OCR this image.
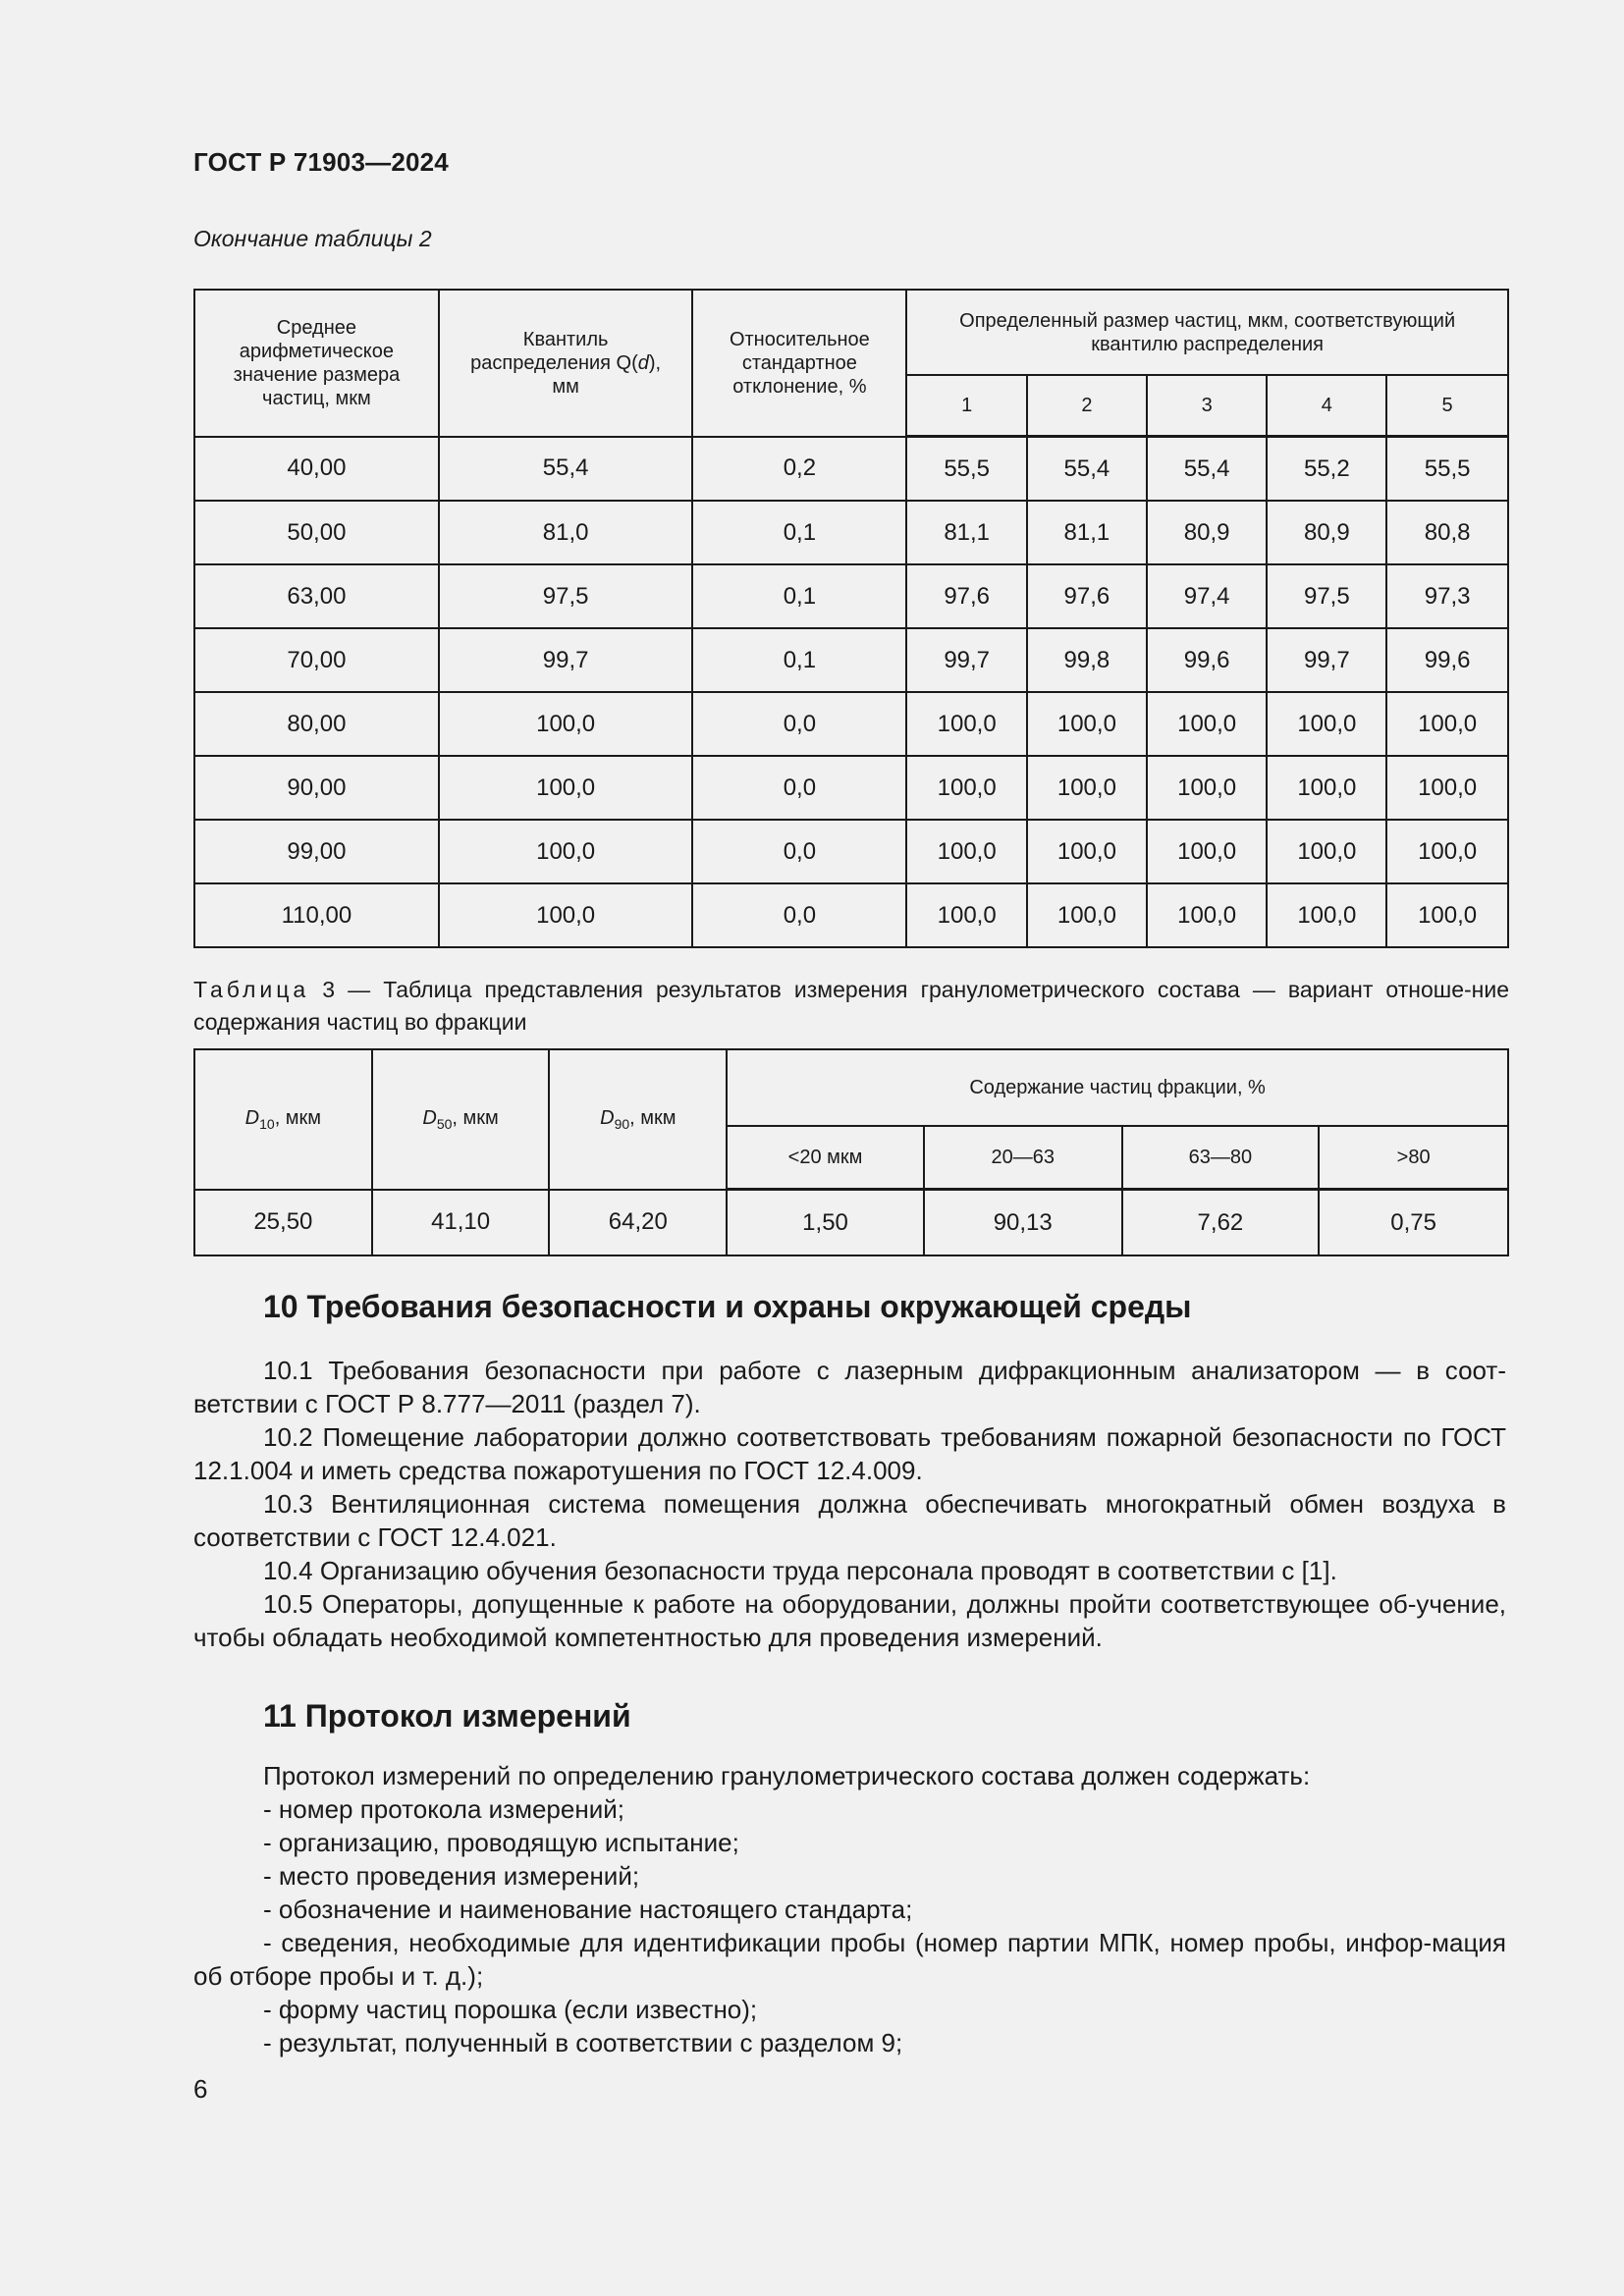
ГОСТ Р 71903—2024
Окончание таблицы 2
Среднее арифметическое значение размера частиц, мкм	Квантиль распределения Q(d), мм	Относительное стандартное отклонение, %	Определенный размер частиц, мкм, соответствующий квантилю распределения				

			1	2	3	4	5
40,00	55,4	0,2	55,5	55,4	55,4	55,2	55,5
50,00	81,0	0,1	81,1	81,1	80,9	80,9	80,8
63,00	97,5	0,1	97,6	97,6	97,4	97,5	97,3
70,00	99,7	0,1	99,7	99,8	99,6	99,7	99,6
80,00	100,0	0,0	100,0	100,0	100,0	100,0	100,0
90,00	100,0	0,0	100,0	100,0	100,0	100,0	100,0
99,00	100,0	0,0	100,0	100,0	100,0	100,0	100,0
110,00	100,0	0,0	100,0	100,0	100,0	100,0	100,0
Таблица 3 — Таблица представления результатов измерения гранулометрического состава — вариант отноше-ние содержания частиц во фракции
$D_{10}$, мкм	$D_{50}$, мкм	$D_{90}$, мкм	Содержание частиц фракции, %			
			<20 мкм	20—63	63—80	>80
25,50	41,10	64,20	1,50	90,13	7,62	0,75
10 Требования безопасности и охраны окружающей среды

10.1 Требования безопасности при работе с лазерным дифракционным анализатором — в соот-ветствии с ГОСТ Р 8.777—2011 (раздел 7).

10.2 Помещение лаборатории должно соответствовать требованиям пожарной безопасности по ГОСТ 12.1.004 и иметь средства пожаротушения по ГОСТ 12.4.009.

10.3 Вентиляционная система помещения должна обеспечивать многократный обмен воздуха в соответствии с ГОСТ 12.4.021.

10.4 Организацию обучения безопасности труда персонала проводят в соответствии с [1].

10.5 Операторы, допущенные к работе на оборудовании, должны пройти соответствующее об-учение, чтобы обладать необходимой компетентностью для проведения измерений.

11 Протокол измерений

Протокол измерений по определению гранулометрического состава должен содержать:

- номер протокола измерений;

- организацию, проводящую испытание;

- место проведения измерений;

- обозначение и наименование настоящего стандарта;

- сведения, необходимые для идентификации пробы (номер партии МПК, номер пробы, инфор-мация об отборе пробы и т. д.);

- форму частиц порошка (если известно);

- результат, полученный в соответствии с разделом 9;

6
